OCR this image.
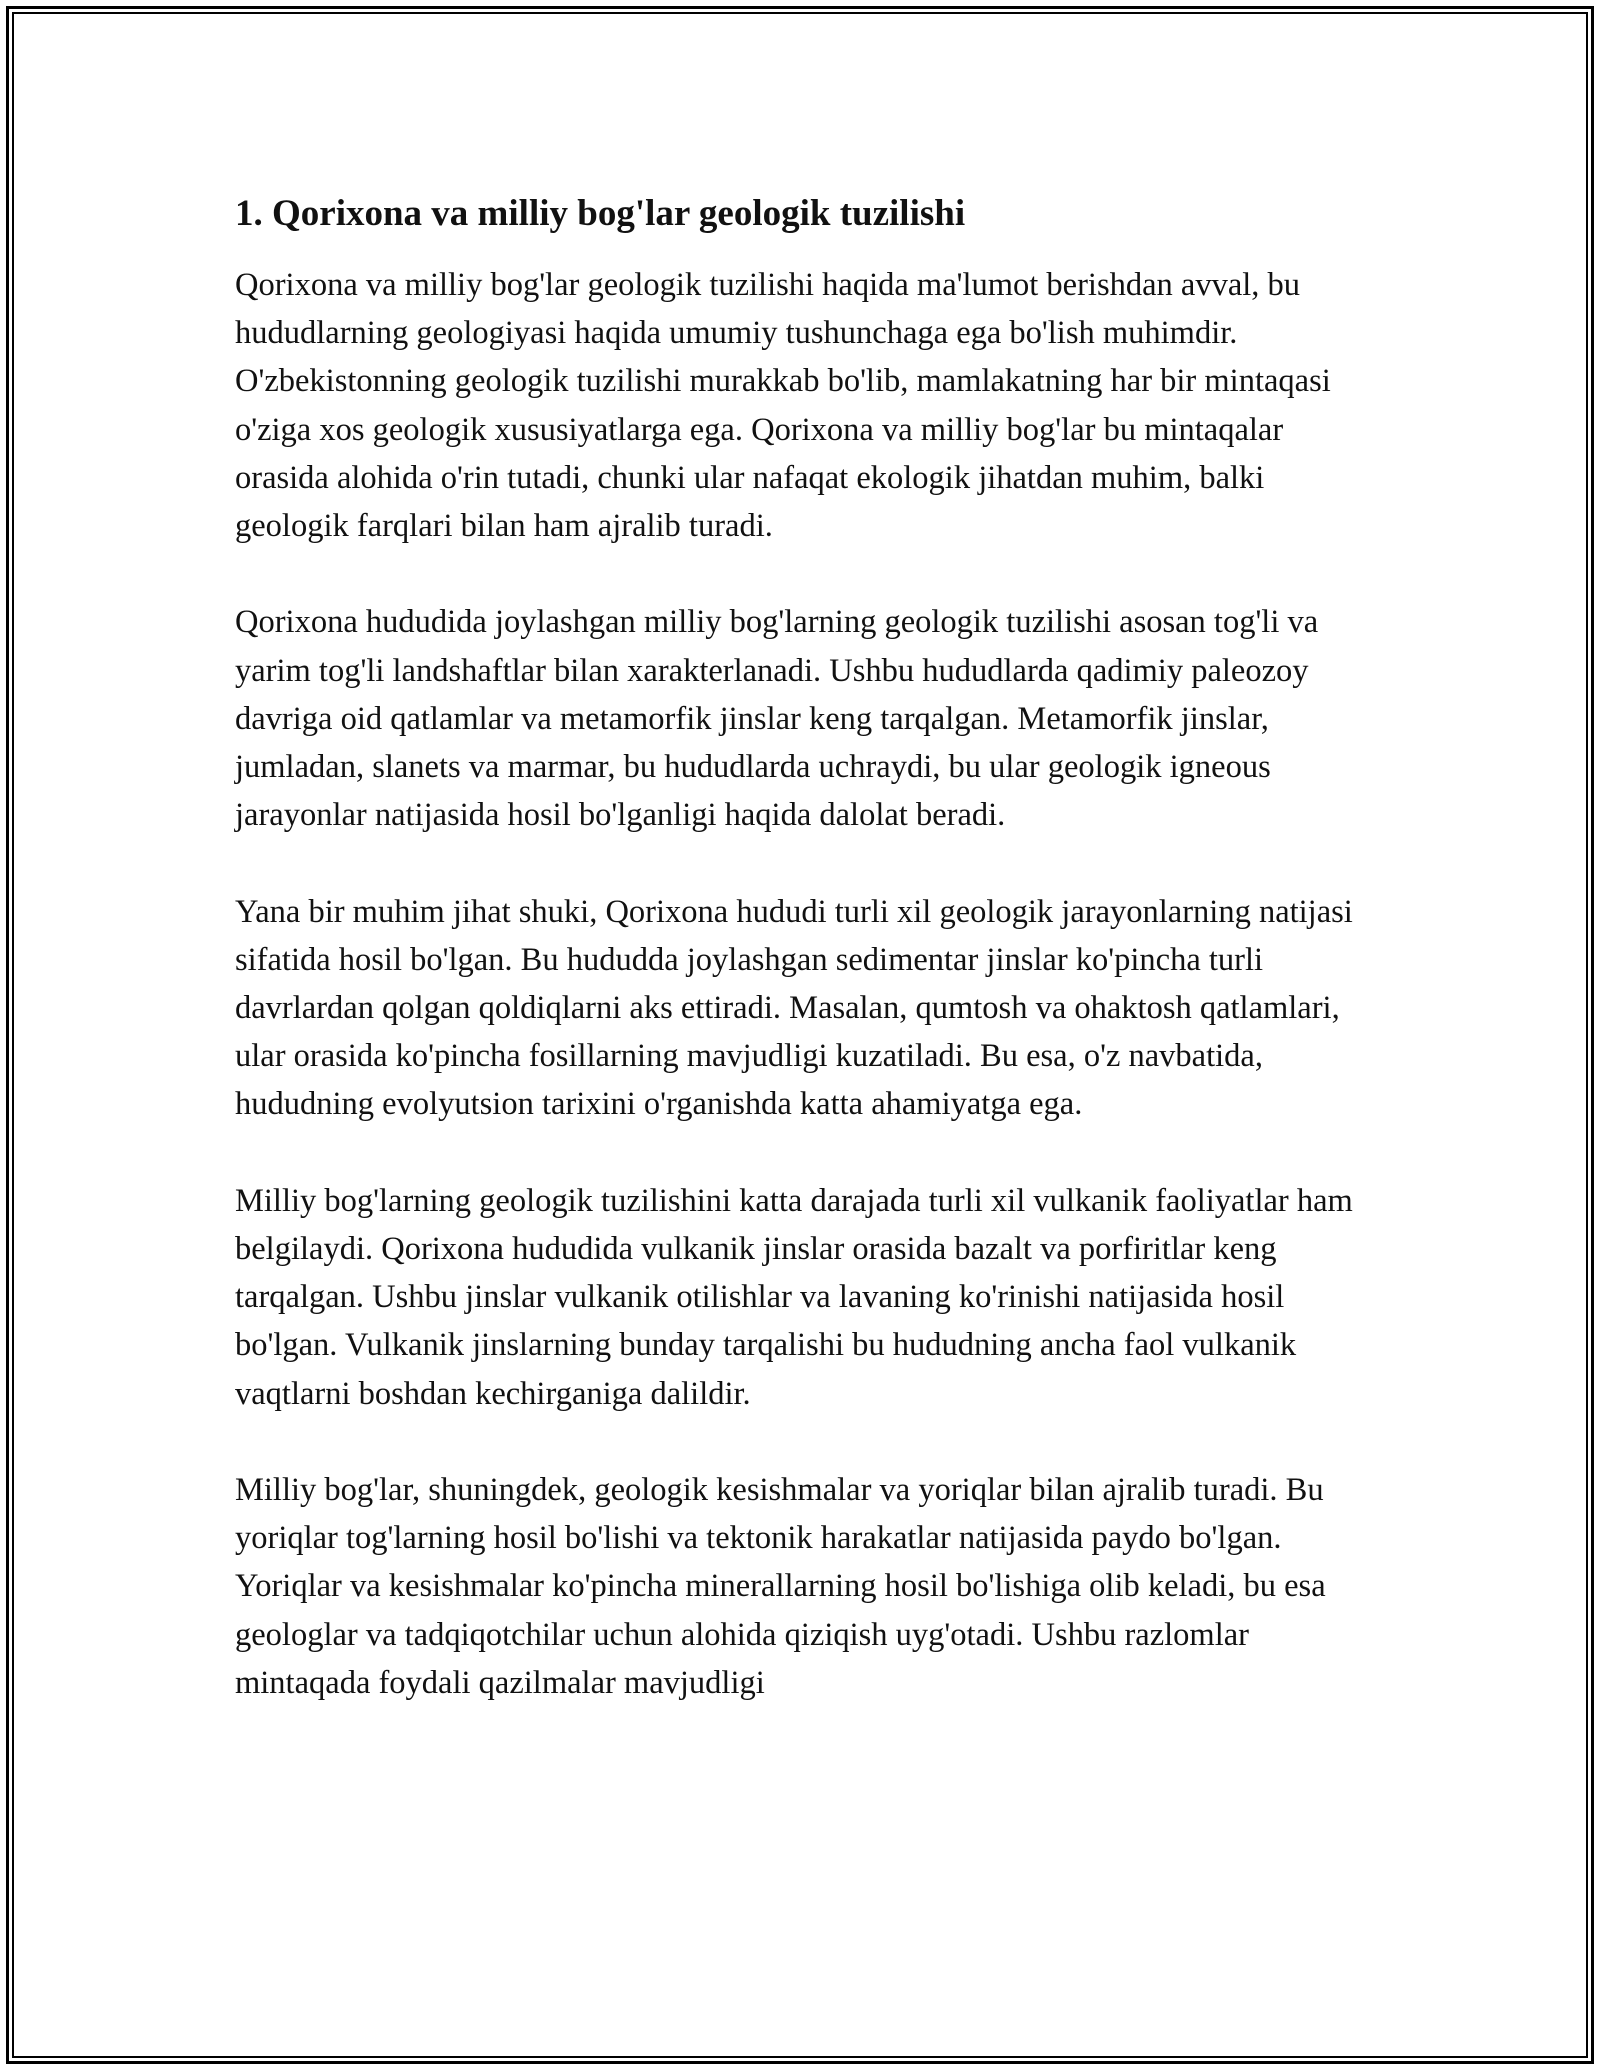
1. Qorixona va milliy bog'lar geologik tuzilishi

Qorixona va milliy bog'lar geologik tuzilishi haqida ma'lumot berishdan avval, bu hududlarning geologiyasi haqida umumiy tushunchaga ega bo'lish muhimdir. O'zbekistonning geologik tuzilishi murakkab bo'lib, mamlakatning har bir mintaqasi o'ziga xos geologik xususiyatlarga ega. Qorixona va milliy bog'lar bu mintaqalar orasida alohida o'rin tutadi, chunki ular nafaqat ekologik jihatdan muhim, balki geologik farqlari bilan ham ajralib turadi.

Qorixona hududida joylashgan milliy bog'larning geologik tuzilishi asosan tog'li va yarim tog'li landshaftlar bilan xarakterlanadi. Ushbu hududlarda qadimiy paleozoy davriga oid qatlamlar va metamorfik jinslar keng tarqalgan. Metamorfik jinslar, jumladan, slanets va marmar, bu hududlarda uchraydi, bu ular geologik igneous jarayonlar natijasida hosil bo'lganligi haqida dalolat beradi.

Yana bir muhim jihat shuki, Qorixona hududi turli xil geologik jarayonlarning natijasi sifatida hosil bo'lgan. Bu hududda joylashgan sedimentar jinslar ko'pincha turli davrlardan qolgan qoldiqlarni aks ettiradi. Masalan, qumtosh va ohaktosh qatlamlari, ular orasida ko'pincha fosillarning mavjudligi kuzatiladi. Bu esa, o'z navbatida, hududning evolyutsion tarixini o'rganishda katta ahamiyatga ega.

Milliy bog'larning geologik tuzilishini katta darajada turli xil vulkanik faoliyatlar ham belgilaydi. Qorixona hududida vulkanik jinslar orasida bazalt va porfiritlar keng tarqalgan. Ushbu jinslar vulkanik otilishlar va lavaning ko'rinishi natijasida hosil bo'lgan. Vulkanik jinslarning bunday tarqalishi bu hududning ancha faol vulkanik vaqtlarni boshdan kechirganiga dalildir.

Milliy bog'lar, shuningdek, geologik kesishmalar va yoriqlar bilan ajralib turadi. Bu yoriqlar tog'larning hosil bo'lishi va tektonik harakatlar natijasida paydo bo'lgan. Yoriqlar va kesishmalar ko'pincha minerallarning hosil bo'lishiga olib keladi, bu esa geologlar va tadqiqotchilar uchun alohida qiziqish uyg'otadi. Ushbu razlomlar mintaqada foydali qazilmalar mavjudligi
